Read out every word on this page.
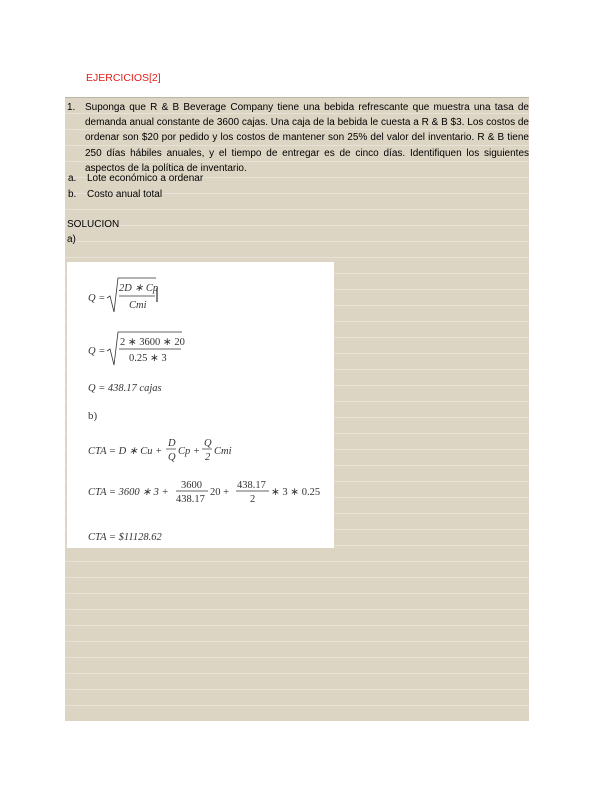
EJERCICIOS[2]
1. Suponga que R & B Beverage Company tiene una bebida refrescante que muestra una tasa de demanda anual constante de 3600 cajas. Una caja de la bebida le cuesta a R & B $3. Los costos de ordenar son $20 por pedido y los costos de mantener son 25% del valor del inventario. R & B tiene 250 días hábiles anuales, y el tiempo de entregar es de cinco días. Identifiquen los siguientes aspectos de la política de inventario.
a. Lote económico a ordenar
b. Costo anual total
SOLUCION
a)
Q =
2D ∗ Cp
Cmi
Q =
2 ∗ 3600 ∗ 20
0.25 ∗ 3
Q = 438.17 cajas
b)
CTA = D ∗ Cu +
D
Q
Cp +
Q
2
Cmi
CTA = 3600 ∗ 3 +
3600
438.17
20 +
438.17
2
∗ 3 ∗ 0.25
CTA = $11128.62
